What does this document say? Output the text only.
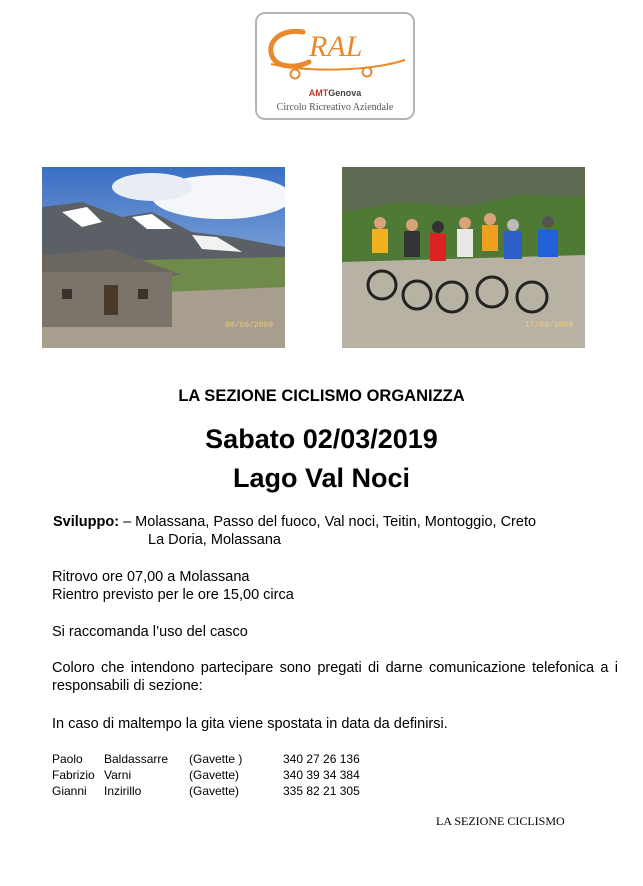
RAL
AMTGenova
Circolo Ricreativo Aziendale
08/06/2009	17/06/2009
LA SEZIONE CICLISMO ORGANIZZA
Sabato 02/03/2019
Lago Val Noci
Sviluppo: – Molassana, Passo del fuoco, Val noci, Teitin, Montoggio, Creto
La Doria, Molassana
Ritrovo ore 07,00 a Molassana
Rientro previsto per le ore 15,00 circa
Si raccomanda l’uso del casco
Coloro che intendono partecipare sono pregati di darne comunicazione telefonica a i responsabili di sezione:
In caso di maltempo la gita viene spostata in data da definirsi.
Paolo	Baldassarre	(Gavette )	340 27 26 136
Fabrizio	Varni	(Gavette)	340 39 34 384
Gianni	Inzirillo	(Gavette)	335 82 21 305
LA SEZIONE CICLISMO
